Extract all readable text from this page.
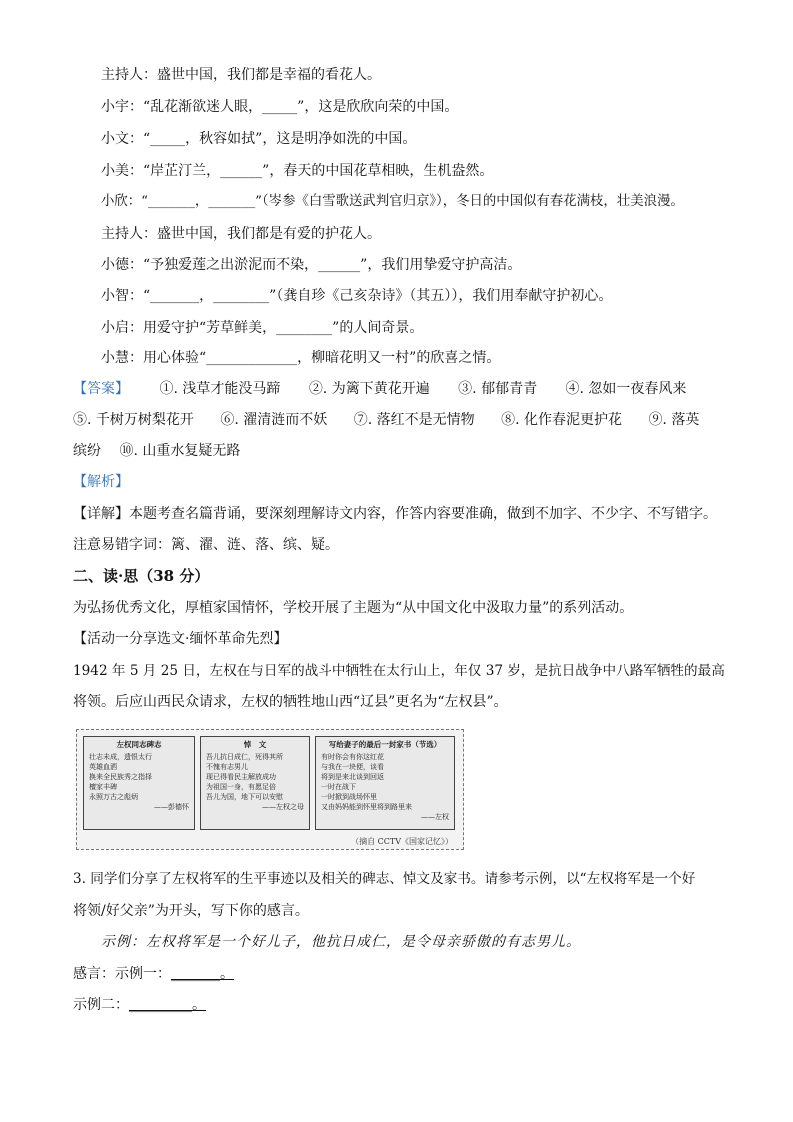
主持人：盛世中国，我们都是幸福的看花人。
小宇：“乱花渐欲迷人眼，_____”，这是欣欣向荣的中国。
小文：“_____，秋容如拭”，这是明净如洗的中国。
小美：“岸芷汀兰，______”，春天的中国花草相映，生机盎然。
小欣：“_______，_______”（岑参《白雪歌送武判官归京》），冬日的中国似有春花满枝，壮美浪漫。
主持人：盛世中国，我们都是有爱的护花人。
小德：“予独爱莲之出淤泥而不染，______”，我们用挚爱守护高洁。
小智：“_______，________”（龚自珍《己亥杂诗》（其五）），我们用奉献守护初心。
小启：用爱守护“芳草鲜美，________”的人间奇景。
小慧：用心体验“_____________，柳暗花明又一村”的欣喜之情。
【答案】 ①. 浅草才能没马蹄 ②. 为篱下黄花开遍 ③. 郁郁青青 ④. 忽如一夜春风来
⑤. 千树万树梨花开 ⑥. 濯清涟而不妖 ⑦. 落红不是无情物 ⑧. 化作春泥更护花 ⑨. 落英
缤纷 ⑩. 山重水复疑无路
【解析】
【详解】本题考查名篇背诵，要深刻理解诗文内容，作答内容要准确，做到不加字、不少字、不写错字。
注意易错字词：篱、濯、涟、落、缤、疑。
二、读·思（38 分）
为弘扬优秀文化，厚植家国情怀，学校开展了主题为“从中国文化中汲取力量”的系列活动。
【活动一分享选文·缅怀革命先烈】
1942 年 5 月 25 日，左权在与日军的战斗中牺牲在太行山上，年仅 37 岁，是抗日战争中八路军牺牲的最高
将领。后应山西民众请求，左权的牺牲地山西“辽县”更名为“左权县”。
左权同志碑志
壮志未成，遗恨太行
英雄血洒
换来全民族秀之指择
檀家丰碑
永照万古之彪炳
——彭德怀
悼　文
吾儿抗日成仁，死得其所
不愧有志男儿
现已得看民主解放成功
为祖国一身，有愿足倍
吾儿为国，地下可以安慰
——左权之母
写给妻子的最后一封家书（节选）
有时你会有你这红花
与我在一块便，谈看
将到是来北谈到回返
一时在战下
一时掀到战场怀里
又由妈妈能到怀里将到路里来
——左权
（摘自 CCTV《国家记忆》）
3. 同学们分享了左权将军的生平事迹以及相关的碑志、悼文及家书。请参考示例，以“左权将军是一个好
将领/好父亲”为开头，写下你的感言。
示例：左权将军是一个好儿子，他抗日成仁，是令母亲骄傲的有志男儿。
感言：示例一：_______。
示例二：_________。
